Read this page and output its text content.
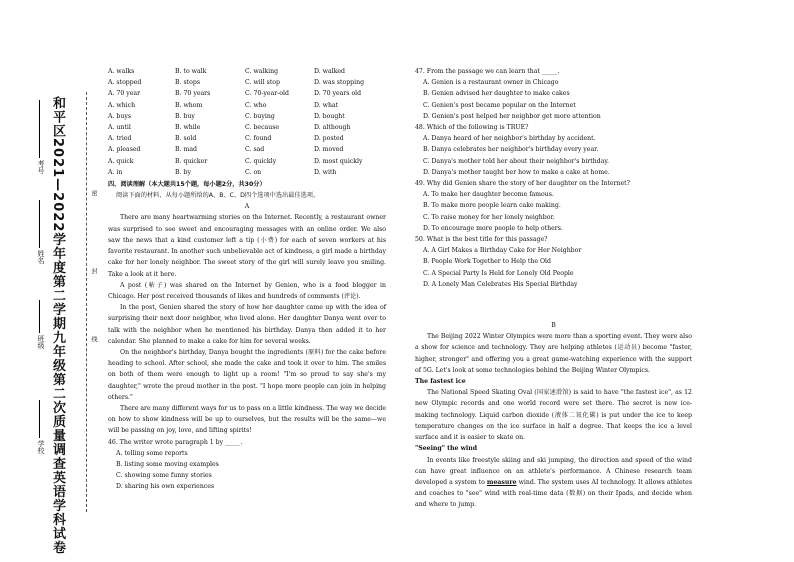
和平区2021—2022学年度第二学期九年级第二次质量调查英语学科试卷
学校
班级
姓名
考号
密
封
线
A. walks	B. to walk	C. walking	D. walked
A. stopped	B. stops	C. will stop	D. was stopping
A. 70 year	B. 70 years	C. 70-year-old	D. 70 years old
A. which	B. whom	C. who	D. what
A. buys	B. buy	C. buying	D. bought
A. until	B. while	C. because	D. although
A. tried	B. sold	C. found	D. posted
A. pleased	B. mad	C. sad	D. moved
A. quick	B. quicker	C. quickly	D. most quickly
A. in	B. by	C. on	D. with
四、阅读理解（本大题共15个题，每小题2分，共30分）
阅读下面的材料，从每小题所给的A、B、C、D四个选项中选出最佳选项。
A
There are many heartwarming stories on the Internet. Recently, a restaurant owner was surprised to see sweet and encouraging messages with an online order. We also saw the news that a kind customer left a tip (小费) for each of seven workers at his favorite restaurant. In another such unbelievable act of kindness, a girl made a birthday cake for her lonely neighbor. The sweet story of the girl will surely leave you smiling. Take a look at it here.
A post (帖子) was shared on the Internet by Genien, who is a food blogger in Chicago. Her post received thousands of likes and hundreds of comments (评论).
In the post, Genien shared the story of how her daughter came up with the idea of surprising their next door neighbor, who lived alone. Her daughter Danya went over to talk with the neighbor when he mentioned his birthday. Danya then added it to her calendar. She planned to make a cake for him for several weeks.
On the neighbor's birthday, Danya bought the ingredients (原料) for the cake before heading to school. After school, she made the cake and took it over to him. The smiles on both of them were enough to light up a room! "I'm so proud to say she's my daughter," wrote the proud mother in the post. "I hope more people can join in helping others."
There are many different ways for us to pass on a little kindness. The way we decide on how to show kindness will be up to ourselves, but the results will be the same—we will be passing on joy, love, and lifting spirits!
46. The writer wrote paragraph 1 by _____.
A. telling some reports
B. listing some moving examples
C. showing some funny stories
D. sharing his own experiences
47. From the passage we can learn that _____.
A. Genien is a restaurant owner in Chicago
B. Genien advised her daughter to make cakes
C. Genien's post became popular on the Internet
D. Genien's post helped her neighbor get more attention
48. Which of the following is TRUE?
A. Danya heard of her neighbor's birthday by accident.
B. Danya celebrates her neighbor's birthday every year.
C. Danya's mother told her about their neighbor's birthday.
D. Danya's mother taught her how to make a cake at home.
49. Why did Genien share the story of her daughter on the Internet?
A. To make her daughter become famous.
B. To make more people learn cake making.
C. To raise money for her lonely neighbor.
D. To encourage more people to help others.
50. What is the best title for this passage?
A. A Girl Makes a Birthday Cake for Her Neighbor
B. People Work Together to Help the Old
C. A Special Party Is Held for Lonely Old People
D. A Lonely Man Celebrates His Special Birthday
B
The Beijing 2022 Winter Olympics were more than a sporting event. They were also a show for science and technology. They are helping athletes (运动员) become "faster, higher, stronger" and offering you a great game-watching experience with the support of 5G. Let's look at some technologies behind the Beijing Winter Olympics.
The fastest ice
The National Speed Skating Oval (国家速滑馆) is said to have "the fastest ice", as 12 new Olympic records and one world record were set there. The secret is new ice-making technology. Liquid carbon dioxide (液体二氧化碳) is put under the ice to keep temperature changes on the ice surface in half a degree. That keeps the ice a level surface and it is easier to skate on.
"Seeing" the wind
In events like freestyle skiing and ski jumping, the direction and speed of the wind can have great influence on an athlete's performance. A Chinese research team developed a system to measure wind. The system uses AI technology. It allows athletes and coaches to "see" wind with real-time data (数据) on their Ipads, and decide when and where to jump.
